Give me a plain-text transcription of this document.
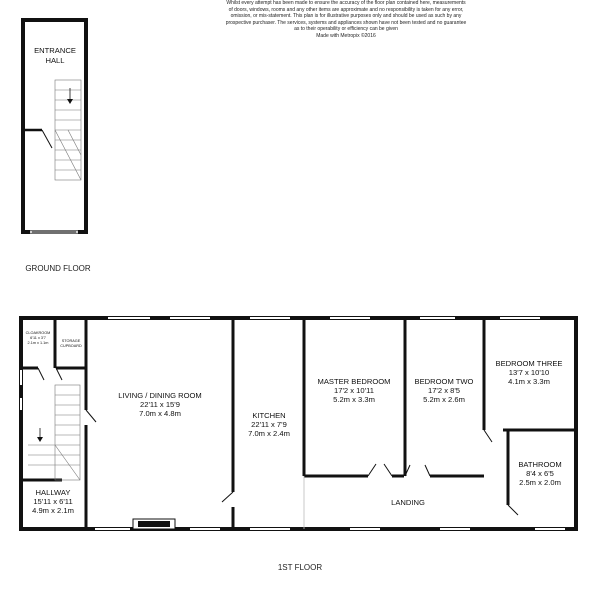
Whilst every attempt has been made to ensure the accuracy of the floor plan contained here, measurements
of doors, windows, rooms and any other items are approximate and no responsibility is taken for any error,
omission, or mis-statement. This plan is for illustrative purposes only and should be used as such by any
prospective purchaser. The services, systems and appliances shown have not been tested and no guarantee
as to their operability or efficiency can be given
Made with Metropix ©2016
ENTRANCE
HALL
GROUND FLOOR
CLOAKROOM
6'11 x 3'7
2.1m x 1.1m	STORAGE
CUPBOARD
LIVING / DINING ROOM
22'11 x 15'9
7.0m x 4.8m	KITCHEN
22'11 x 7'9
7.0m x 2.4m
MASTER BEDROOM
17'2 x 10'11
5.2m x 3.3m
BEDROOM TWO
17'2 x 8'5
5.2m x 2.6m
BEDROOM THREE
13'7 x 10'10
4.1m x 3.3m
BATHROOM
8'4 x 6'5
2.5m x 2.0m
HALLWAY
15'11 x 6'11
4.9m x 2.1m
LANDING
1ST FLOOR
